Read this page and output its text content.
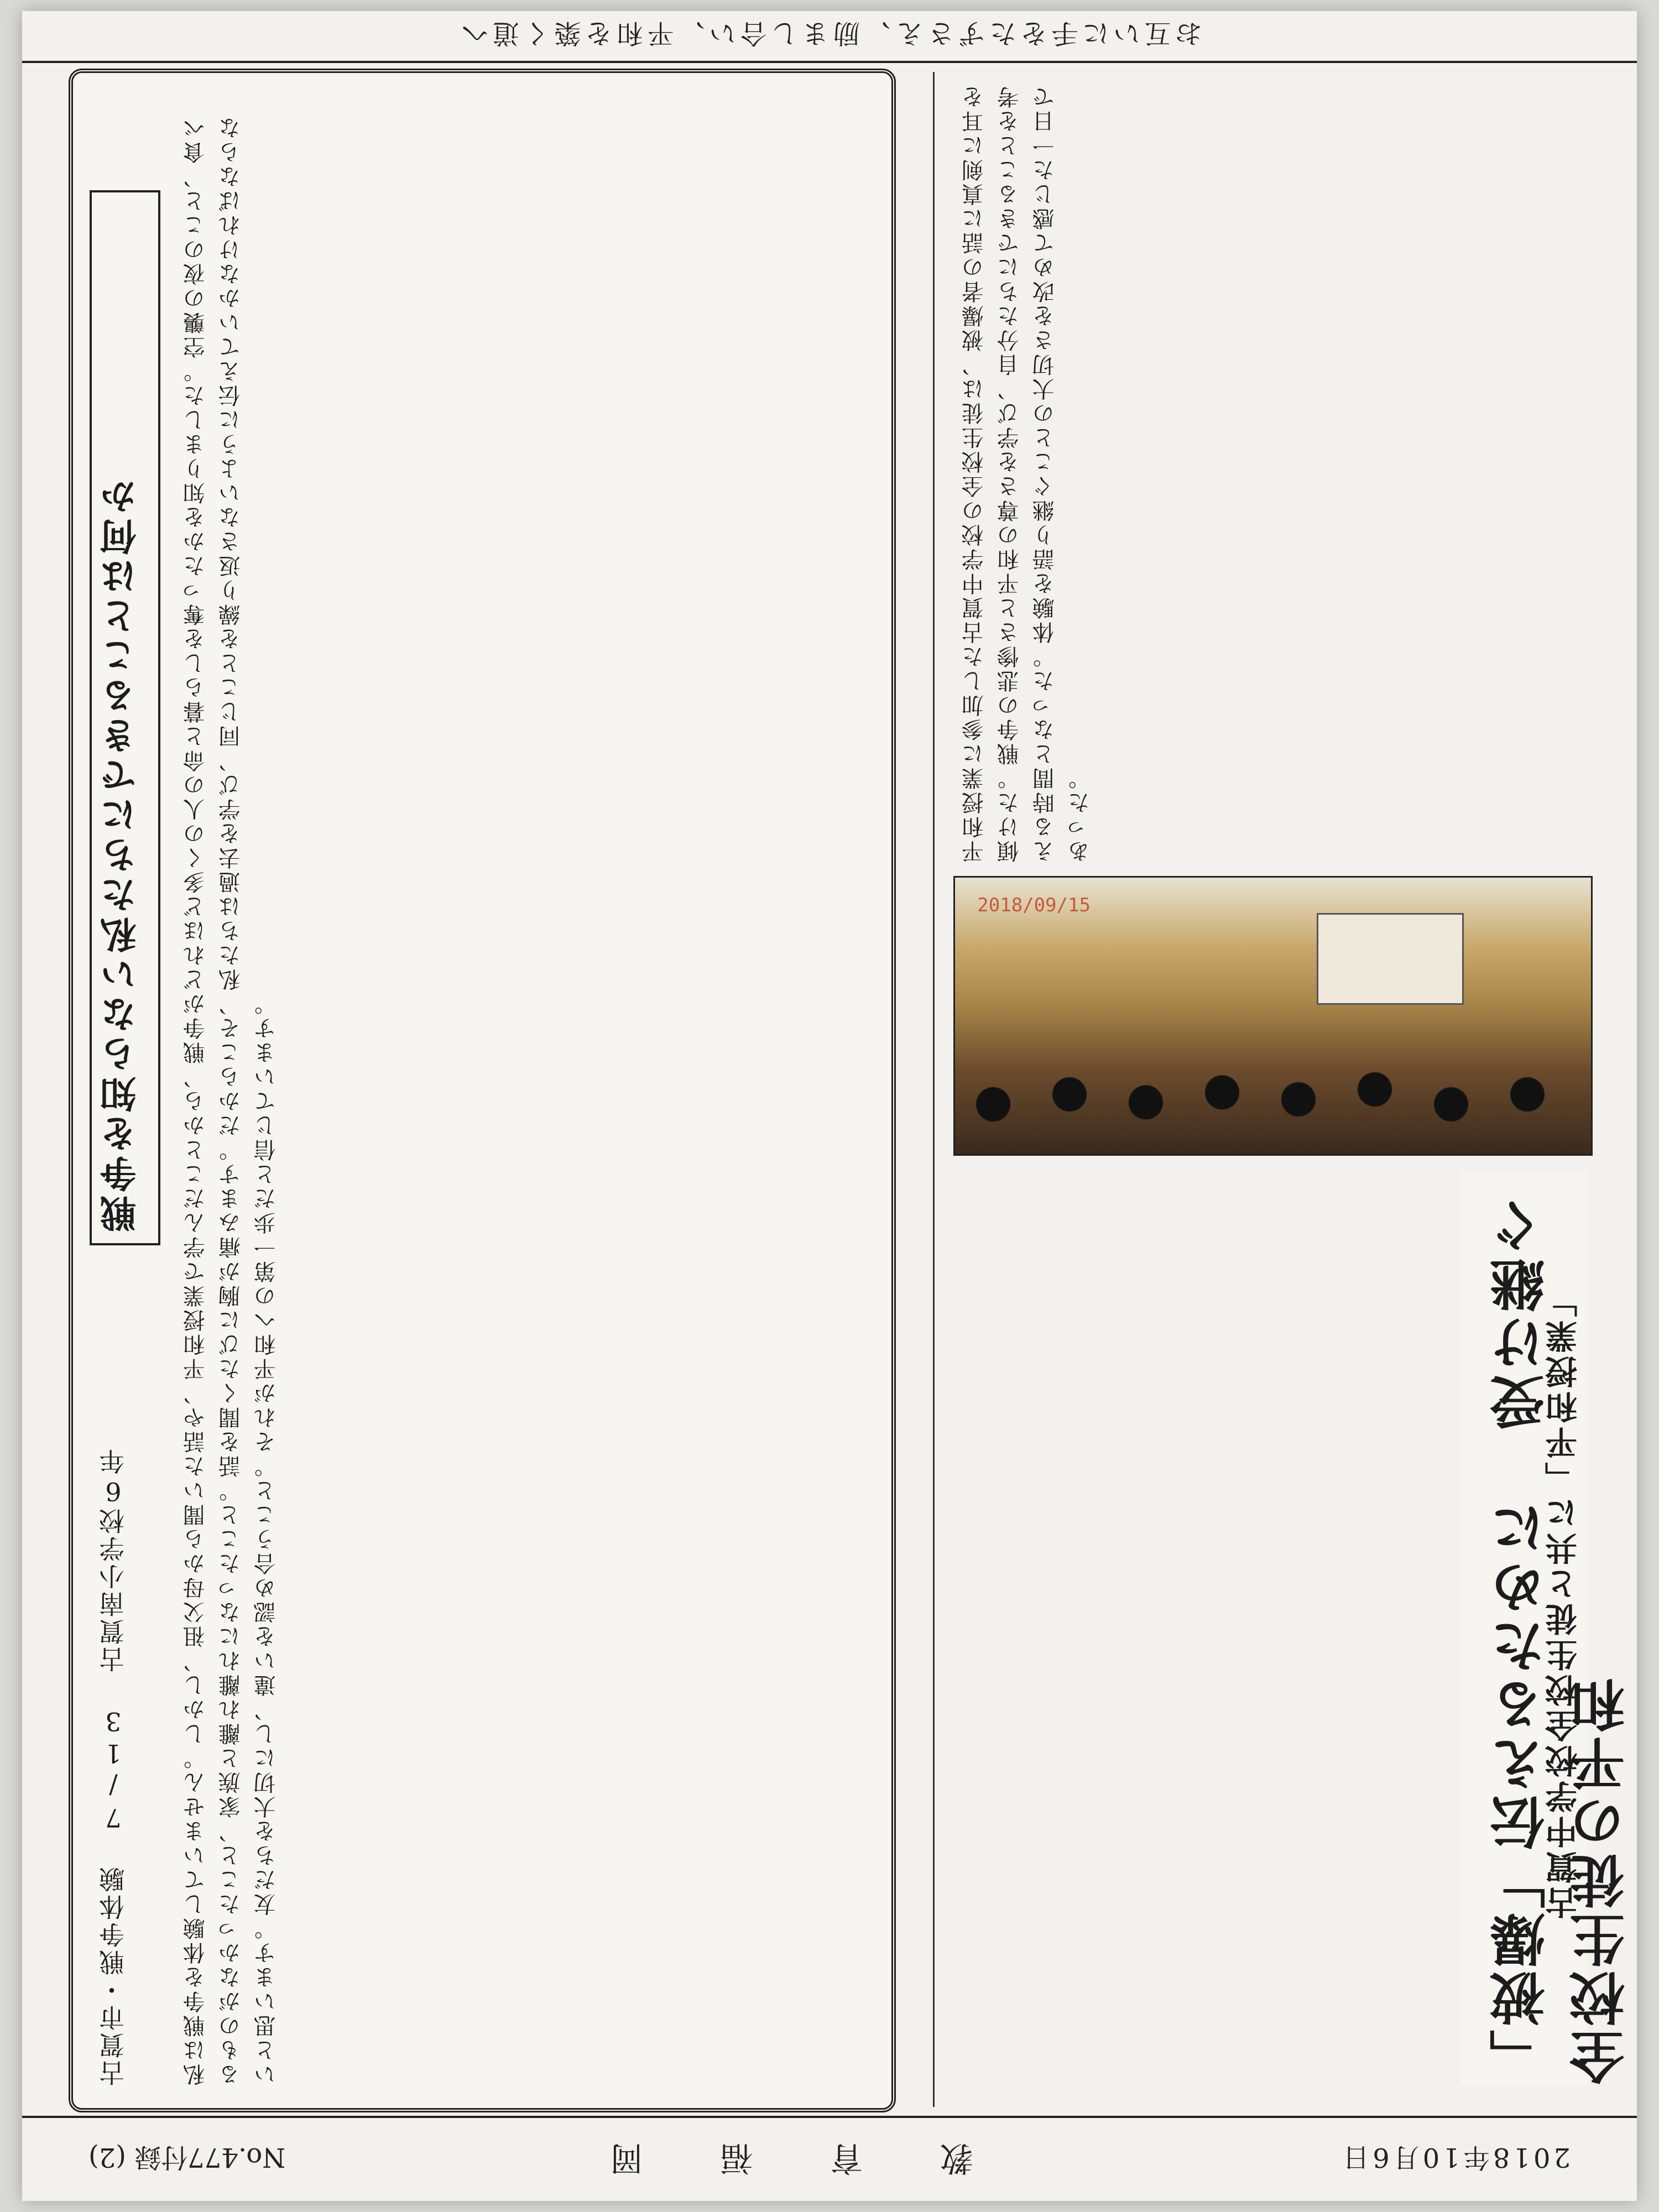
2018年10月6日
教 育 福 岡
No.477付録 (2)
「被爆」伝えるために 受け継ぐ全校生徒の平和
古賀中学校全校生徒と共に「平和授業」
2018/09/15
平和授業に参加した古賀中学校の全校生徒は、被爆者の話に真剣に耳を傾けた。戦争の悲惨さと平和の尊さを学び、自分たちにできることを考える時間となった。体験を語り継ぐことの大切さを改めて感じた一日であった。
古賀市・戦争体験 7/13 古賀南小学校6年
戦争を知らない私たちにできることは何か	私は戦争を体験していません。しかし、祖父母から聞いた話や、平和授業で学んだことから、戦争がどれほど多くの人の命と暮らしを奪ったかを知りました。空襲の夜のこと、食べるものがなかったこと、家族と離れ離れになったこと。話を聞くたびに胸が痛みます。だからこそ、私たちは過去を学び、同じことを繰り返さないように伝えていかなければならないと思います。友だちを大切にし、違いを認め合うこと。それが平和への第一歩だと信じています。
お互いに手をたずさえ、励まし合い、平和を築く道へ
